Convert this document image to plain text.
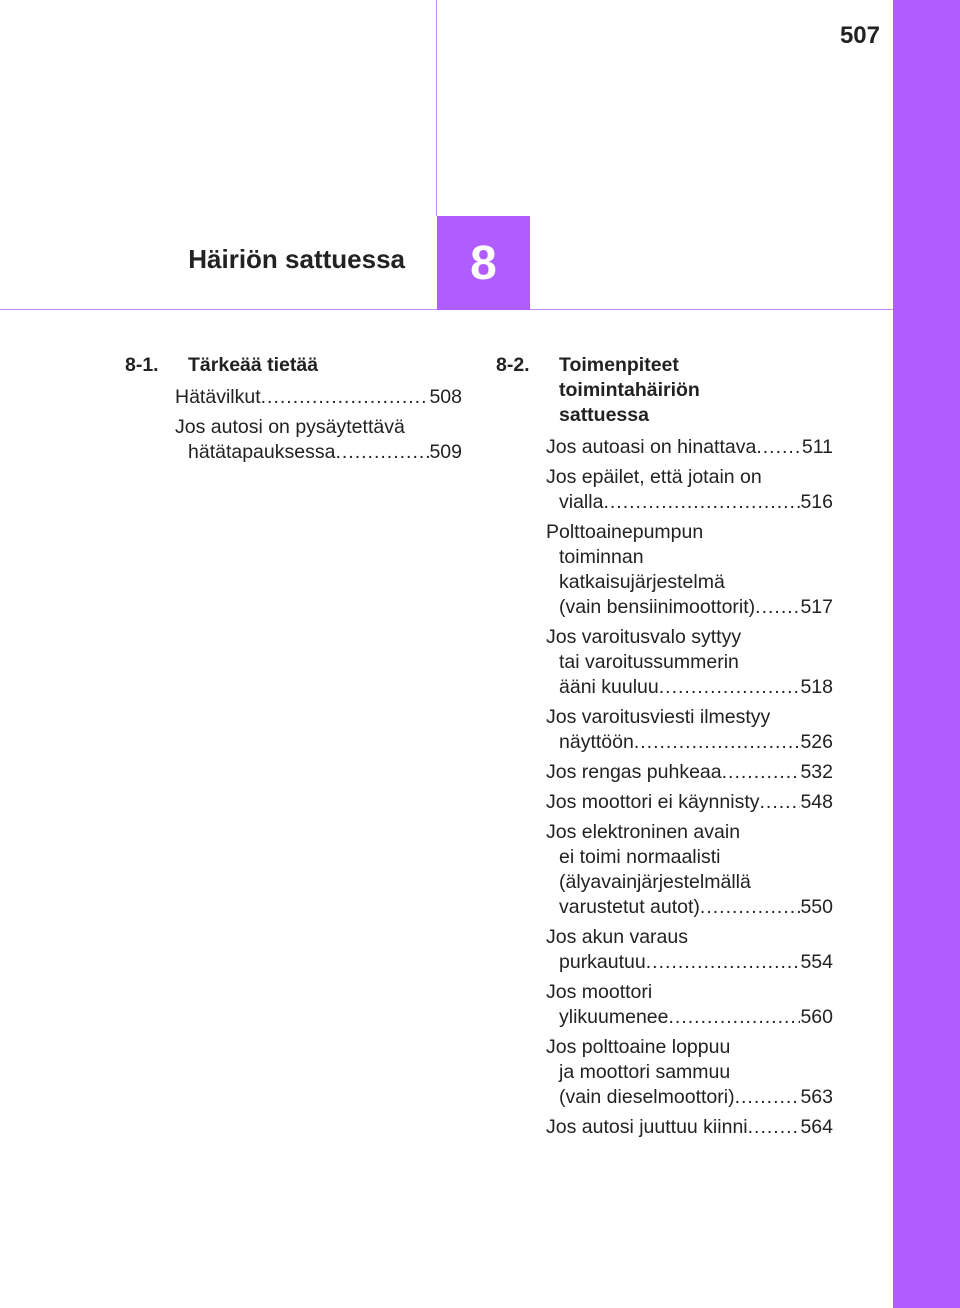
507
Häiriön sattuessa	8
8-1.	Tärkeää tietää
Hätävilkut .....	508
Jos autosi on pysäytettävä
hätätapauksessa .....	509
8-2.	Toimenpiteet
toimintahäiriön
sattuessa
Jos autoasi on hinattava ..... 511
Jos epäilet, että jotain on
vialla .....	516
Polttoainepumpun
toiminnan
katkaisujärjestelmä
(vain bensiinimoottorit) ..... 517
Jos varoitusvalo syttyy
tai varoitussummerin
ääni kuuluu .....	518
Jos varoitusviesti ilmestyy
näyttöön .....	526
Jos rengas puhkeaa .....	532
Jos moottori ei käynnisty ..... 548
Jos elektroninen avain
ei toimi normaalisti
(älyavainjärjestelmällä
varustetut autot) .....	550
Jos akun varaus
purkautuu .....	554
Jos moottori
ylikuumenee .....	560
Jos polttoaine loppuu
ja moottori sammuu
(vain dieselmoottori) .....	563
Jos autosi juuttuu kiinni .....	564
